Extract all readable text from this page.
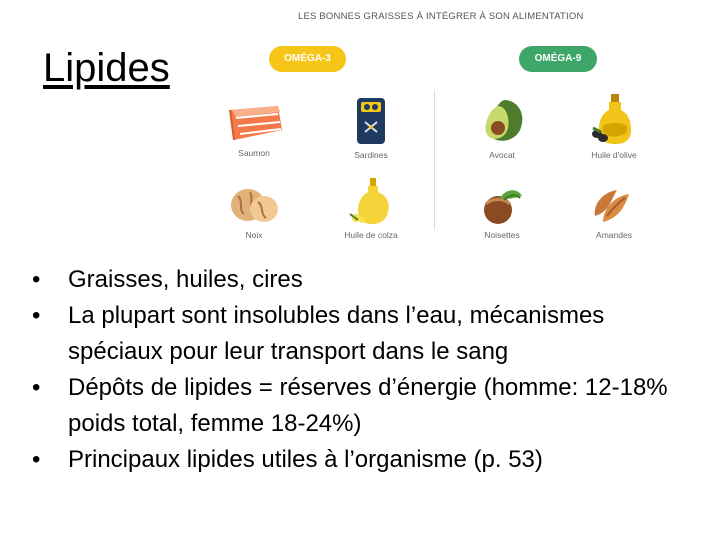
Lipides
LES BONNES GRAISSES À INTÉGRER À SON ALIMENTATION
OMÉGA-3	OMÉGA-9
Saumon	Sardines	Avocat	Huile d'olive
Noix	Huile de colza	Noisettes	Amandes
• Graisses, huiles, cires
• La plupart sont insolubles dans l’eau, mécanismes spéciaux pour leur transport dans le sang
• Dépôts de lipides = réserves d’énergie (homme: 12-18% poids total, femme 18-24%)
• Principaux lipides utiles à l’organisme (p. 53)
